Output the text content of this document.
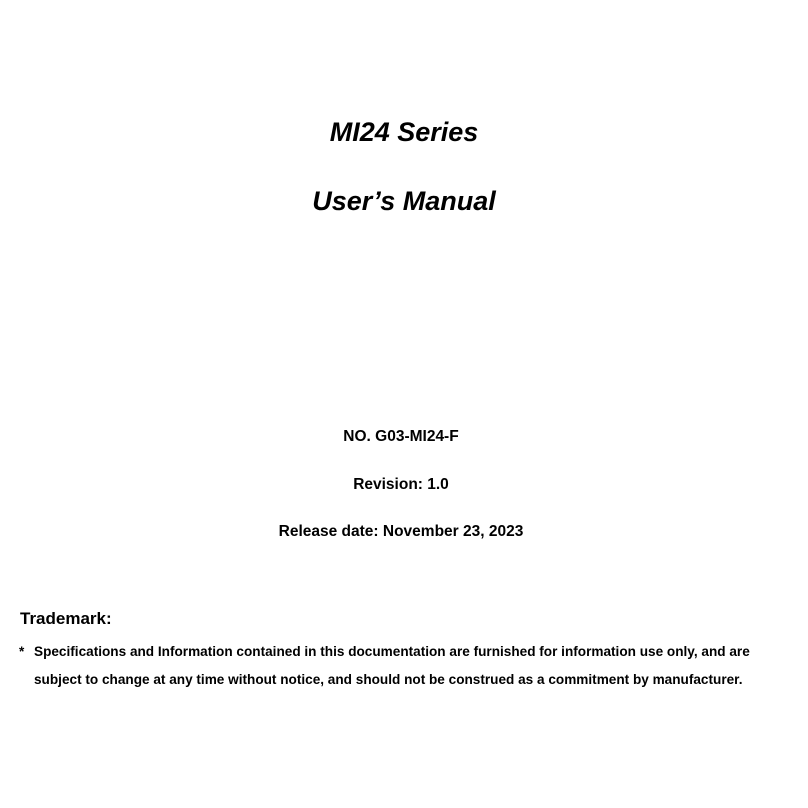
MI24 Series
User’s Manual
NO. G03-MI24-F
Revision: 1.0
Release date: November 23, 2023
Trademark:
* Specifications and Information contained in this documentation are furnished for information use only, and are
subject to change at any time without notice, and should not be construed as a commitment by manufacturer.
